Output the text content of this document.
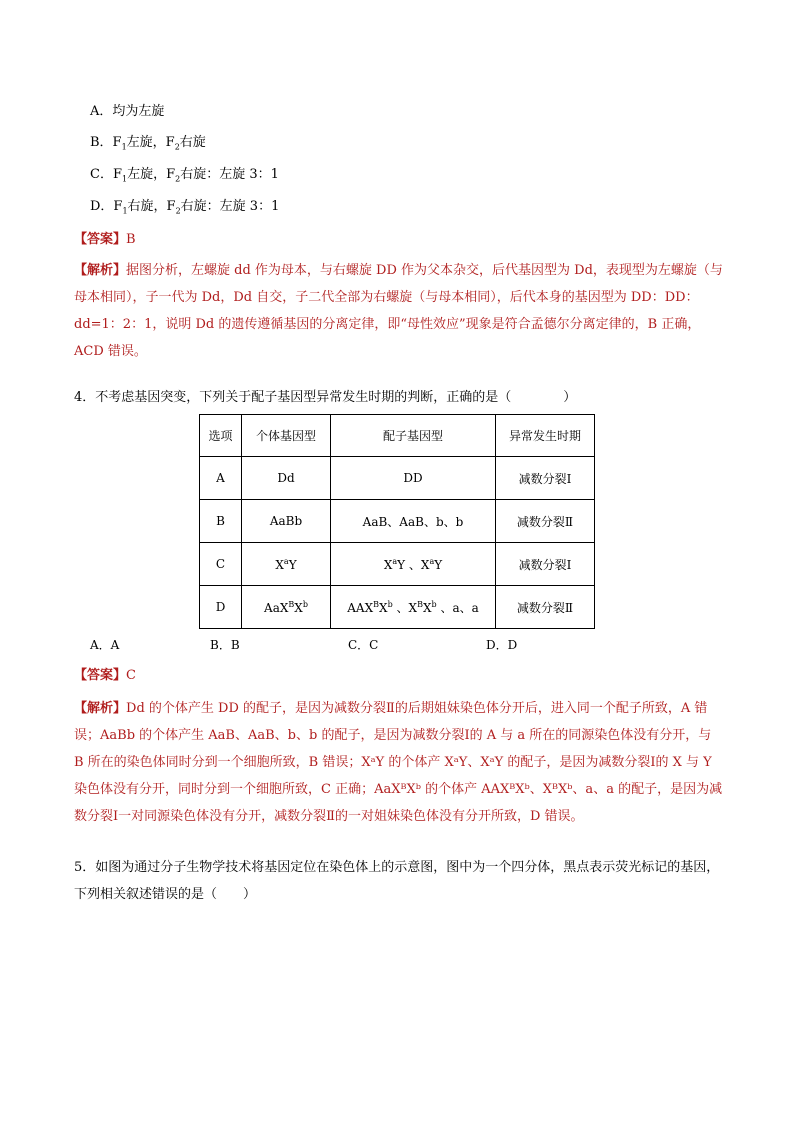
A．均为左旋
B．$F_1$左旋，$F_2$右旋
C．$F_1$左旋，$F_2$右旋：左旋 3：1
D．$F_1$右旋，$F_2$右旋：左旋 3：1
【答案】B
【解析】据图分析，左螺旋 dd 作为母本，与右螺旋 DD 作为父本杂交，后代基因型为 Dd，表现型为左螺旋（与母本相同），子一代为 Dd，Dd 自交，子二代全部为右螺旋（与母本相同），后代本身的基因型为 DD：DD：dd=1：2：1，说明 Dd 的遗传遵循基因的分离定律，即“母性效应”现象是符合孟德尔分离定律的，B 正确，ACD 错误。
4．不考虑基因突变，下列关于配子基因型异常发生时期的判断，正确的是（　　　　）
选项	个体基因型	配子基因型	异常发生时期
A	Dd	DD	减数分裂Ⅰ
B	AaBb	AaB、AaB、b、b	减数分裂Ⅱ
C	$X^aY$	$X^aY$ 、$X^aY$	减数分裂Ⅰ
D	$AaX^BX^b$	$AAX^BX^b$ 、$X^BX^b$ 、a、a	减数分裂Ⅱ
A．A	B．B	C．C	D．D
【答案】C
【解析】Dd 的个体产生 DD 的配子，是因为减数分裂Ⅱ的后期姐妹染色体分开后，进入同一个配子所致，A 错误；AaBb 的个体产生 AaB、AaB、b、b 的配子，是因为减数分裂Ⅰ的 A 与 a 所在的同源染色体没有分开，与 B 所在的染色体同时分到一个细胞所致，B 错误；XᵃY 的个体产 XᵃY、XᵃY 的配子，是因为减数分裂Ⅰ的 X 与 Y 染色体没有分开，同时分到一个细胞所致，C 正确；AaXᴮXᵇ 的个体产 AAXᴮXᵇ、XᴮXᵇ、a、a 的配子，是因为减数分裂Ⅰ一对同源染色体没有分开，减数分裂Ⅱ的一对姐妹染色体没有分开所致，D 错误。
5．如图为通过分子生物学技术将基因定位在染色体上的示意图，图中为一个四分体，黑点表示荧光标记的基因，下列相关叙述错误的是（　　）
